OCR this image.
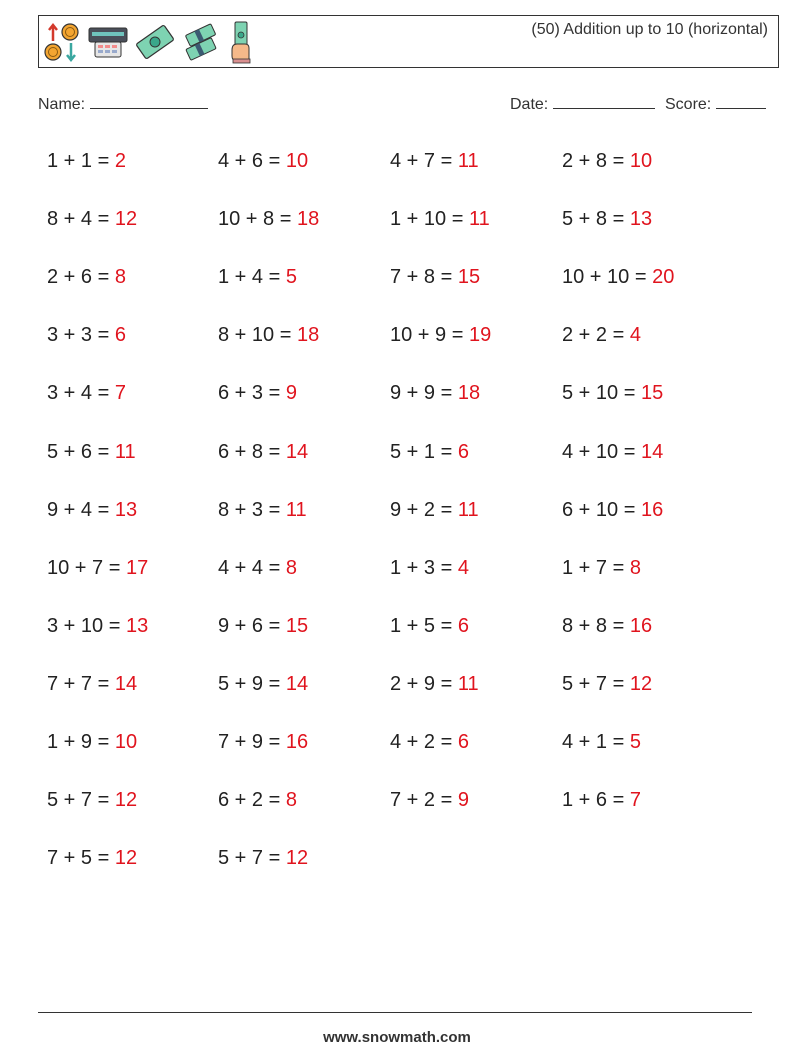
(50) Addition up to 10 (horizontal)
Name:	Date:	Score:
1 + 1 = 2	4 + 6 = 10	4 + 7 = 11	2 + 8 = 10
8 + 4 = 12	10 + 8 = 18	1 + 10 = 11	5 + 8 = 13
2 + 6 = 8	1 + 4 = 5	7 + 8 = 15	10 + 10 = 20
3 + 3 = 6	8 + 10 = 18	10 + 9 = 19	2 + 2 = 4
3 + 4 = 7	6 + 3 = 9	9 + 9 = 18	5 + 10 = 15
5 + 6 = 11	6 + 8 = 14	5 + 1 = 6	4 + 10 = 14
9 + 4 = 13	8 + 3 = 11	9 + 2 = 11	6 + 10 = 16
10 + 7 = 17	4 + 4 = 8	1 + 3 = 4	1 + 7 = 8
3 + 10 = 13	9 + 6 = 15	1 + 5 = 6	8 + 8 = 16
7 + 7 = 14	5 + 9 = 14	2 + 9 = 11	5 + 7 = 12
1 + 9 = 10	7 + 9 = 16	4 + 2 = 6	4 + 1 = 5
5 + 7 = 12	6 + 2 = 8	7 + 2 = 9	1 + 6 = 7
7 + 5 = 12	5 + 7 = 12
www.snowmath.com
